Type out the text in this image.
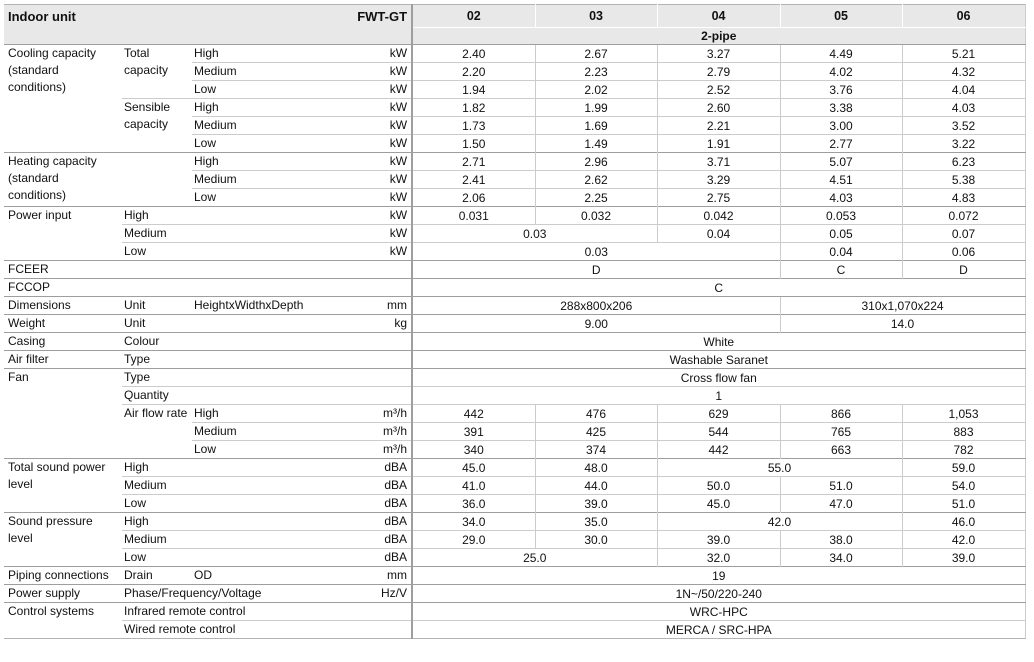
Indoor unit FWT-GT				02	03	04	05	06
				2-pipe				
Cooling capacity (standard conditions)	Total capacity	High	kW	2.40	2.67	3.27	4.49	5.21
		Medium	kW	2.20	2.23	2.79	4.02	4.32
		Low	kW	1.94	2.02	2.52	3.76	4.04
	Sensible capacity	High	kW	1.82	1.99	2.60	3.38	4.03
		Medium	kW	1.73	1.69	2.21	3.00	3.52
		Low	kW	1.50	1.49	1.91	2.77	3.22
Heating capacity (standard conditions)		High	kW	2.71	2.96	3.71	5.07	6.23
		Medium	kW	2.41	2.62	3.29	4.51	5.38
		Low	kW	2.06	2.25	2.75	4.03	4.83
Power input	High		kW	0.031	0.032	0.042	0.053	0.072
	Medium		kW	0.03		0.04	0.05	0.07
	Low		kW	0.03			0.04	0.06
FCEER				D			C	D
FCCOP				C				
Dimensions	Unit	HeightxWidthxDepth	mm	288x800x206			310x1,070x224	
Weight	Unit		kg	9.00			14.0	
Casing	Colour			White				
Air filter	Type			Washable Saranet				
Fan	Type			Cross flow fan				
	Quantity			1				
	Air flow rate	High	m³/h	442	476	629	866	1,053
		Medium	m³/h	391	425	544	765	883
		Low	m³/h	340	374	442	663	782
Total sound power level	High		dBA	45.0	48.0	55.0		59.0
	Medium		dBA	41.0	44.0	50.0	51.0	54.0
	Low		dBA	36.0	39.0	45.0	47.0	51.0
Sound pressure level	High		dBA	34.0	35.0	42.0		46.0
	Medium		dBA	29.0	30.0	39.0	38.0	42.0
	Low		dBA	25.0		32.0	34.0	39.0
Piping connections	Drain	OD	mm	19				
Power supply	Phase/Frequency/Voltage		Hz/V	1N~/50/220-240				
Control systems	Infrared remote control			WRC-HPC				
	Wired remote control			MERCA / SRC-HPA				
